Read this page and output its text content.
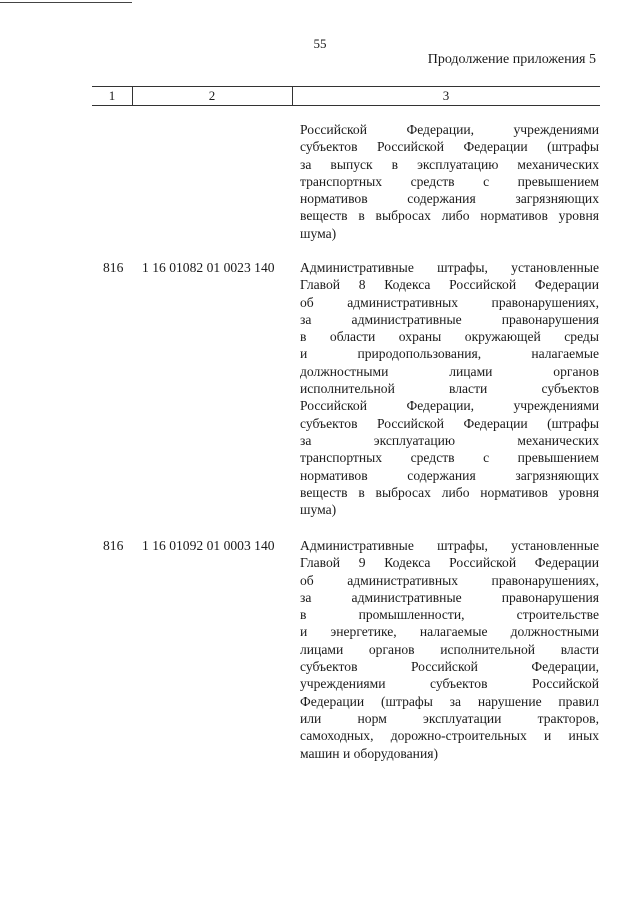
55
Продолжение приложения 5
1	2	3
Российской Федерации, учреждениями
субъектов Российской Федерации (штрафы
за выпуск в эксплуатацию механических
транспортных средств с превышением
нормативов содержания загрязняющих
веществ в выбросах либо нормативов уровня
шума)
816 1 16 01082 01 0023 140 Административные штрафы, установленные
Главой 8 Кодекса Российской Федерации
об административных правонарушениях,
за административные правонарушения
в области охраны окружающей среды
и природопользования, налагаемые
должностными лицами органов
исполнительной власти субъектов
Российской Федерации, учреждениями
субъектов Российской Федерации (штрафы
за эксплуатацию механических
транспортных средств с превышением
нормативов содержания загрязняющих
веществ в выбросах либо нормативов уровня
шума)
816 1 16 01092 01 0003 140 Административные штрафы, установленные
Главой 9 Кодекса Российской Федерации
об административных правонарушениях,
за административные правонарушения
в промышленности, строительстве
и энергетике, налагаемые должностными
лицами органов исполнительной власти
субъектов Российской Федерации,
учреждениями субъектов Российской
Федерации (штрафы за нарушение правил
или норм эксплуатации тракторов,
самоходных, дорожно-строительных и иных
машин и оборудования)
